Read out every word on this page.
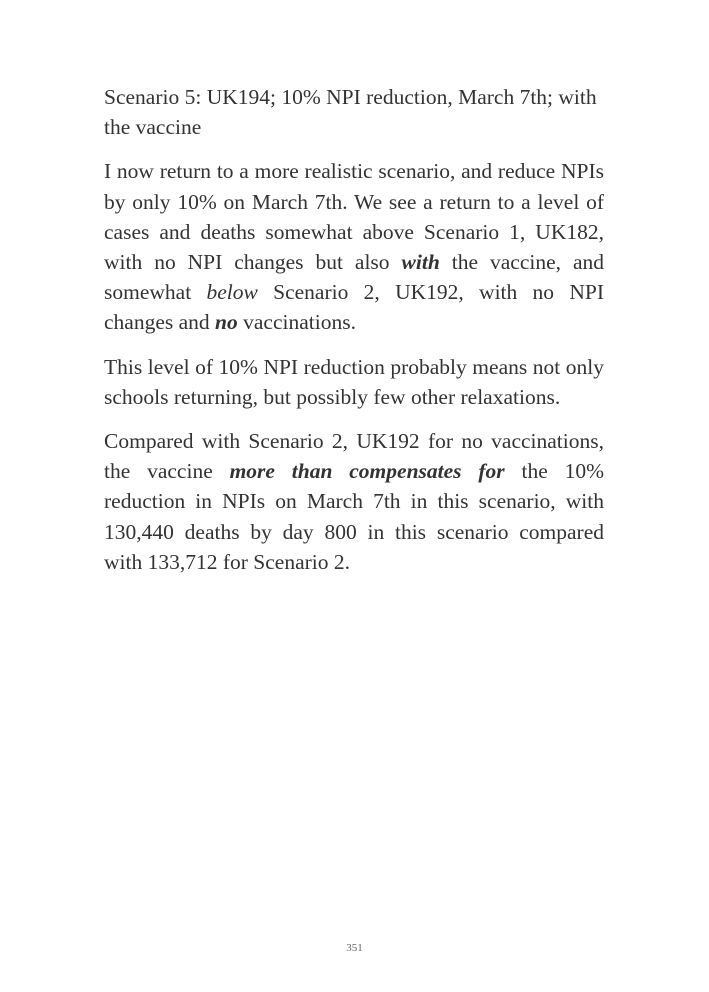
Scenario 5: UK194; 10% NPI reduction, March 7th; with the vaccine

I now return to a more realistic scenario, and reduce NPIs by only 10% on March 7th. We see a return to a level of cases and deaths somewhat above Scenario 1, UK182, with no NPI changes but also with the vaccine, and somewhat below Scenario 2, UK192, with no NPI changes and no vaccinations.

This level of 10% NPI reduction probably means not only schools returning, but possibly few other relaxations.

Compared with Scenario 2, UK192 for no vaccinations, the vaccine more than compensates for the 10% reduction in NPIs on March 7th in this scenario, with 130,440 deaths by day 800 in this scenario compared with 133,712 for Scenario 2.

351
